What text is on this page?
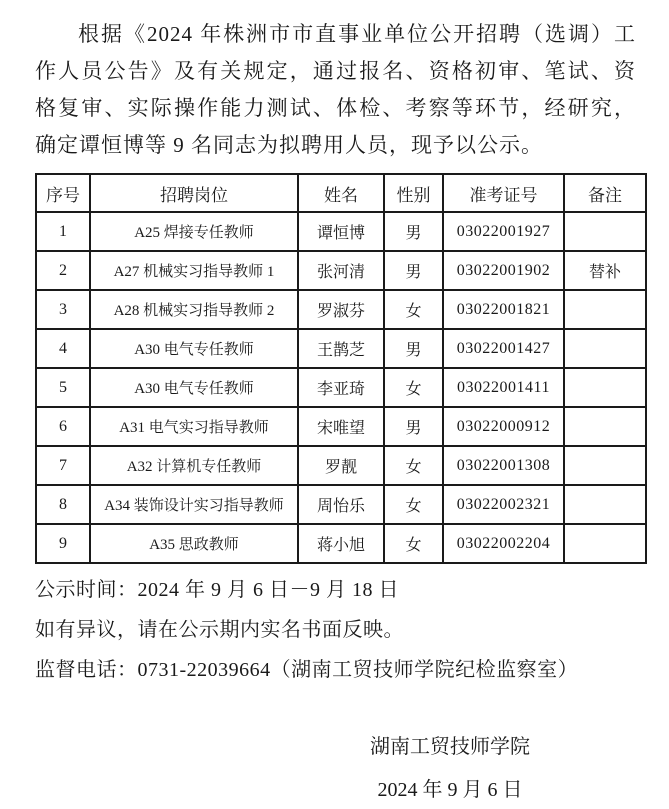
根据《2024 年株洲市市直事业单位公开招聘（选调）工
作人员公告》及有关规定，通过报名、资格初审、笔试、资
格复审、实际操作能力测试、体检、考察等环节，经研究，
确定谭恒博等 9 名同志为拟聘用人员，现予以公示。
序号	招聘岗位	姓名	性别	准考证号	备注
1	A25 焊接专任教师	谭恒博	男	03022001927	
2	A27 机械实习指导教师 1	张河清	男	03022001902	替补
3	A28 机械实习指导教师 2	罗淑芬	女	03022001821	
4	A30 电气专任教师	王鹊芝	男	03022001427	
5	A30 电气专任教师	李亚琦	女	03022001411	
6	A31 电气实习指导教师	宋唯望	男	03022000912	
7	A32 计算机专任教师	罗靓	女	03022001308	
8	A34 装饰设计实习指导教师	周怡乐	女	03022002321	
9	A35 思政教师	蒋小旭	女	03022002204	
公示时间：2024 年 9 月 6 日－9 月 18 日
如有异议，请在公示期内实名书面反映。
监督电话：0731-22039664（湖南工贸技师学院纪检监察室）
湖南工贸技师学院
2024 年 9 月 6 日
